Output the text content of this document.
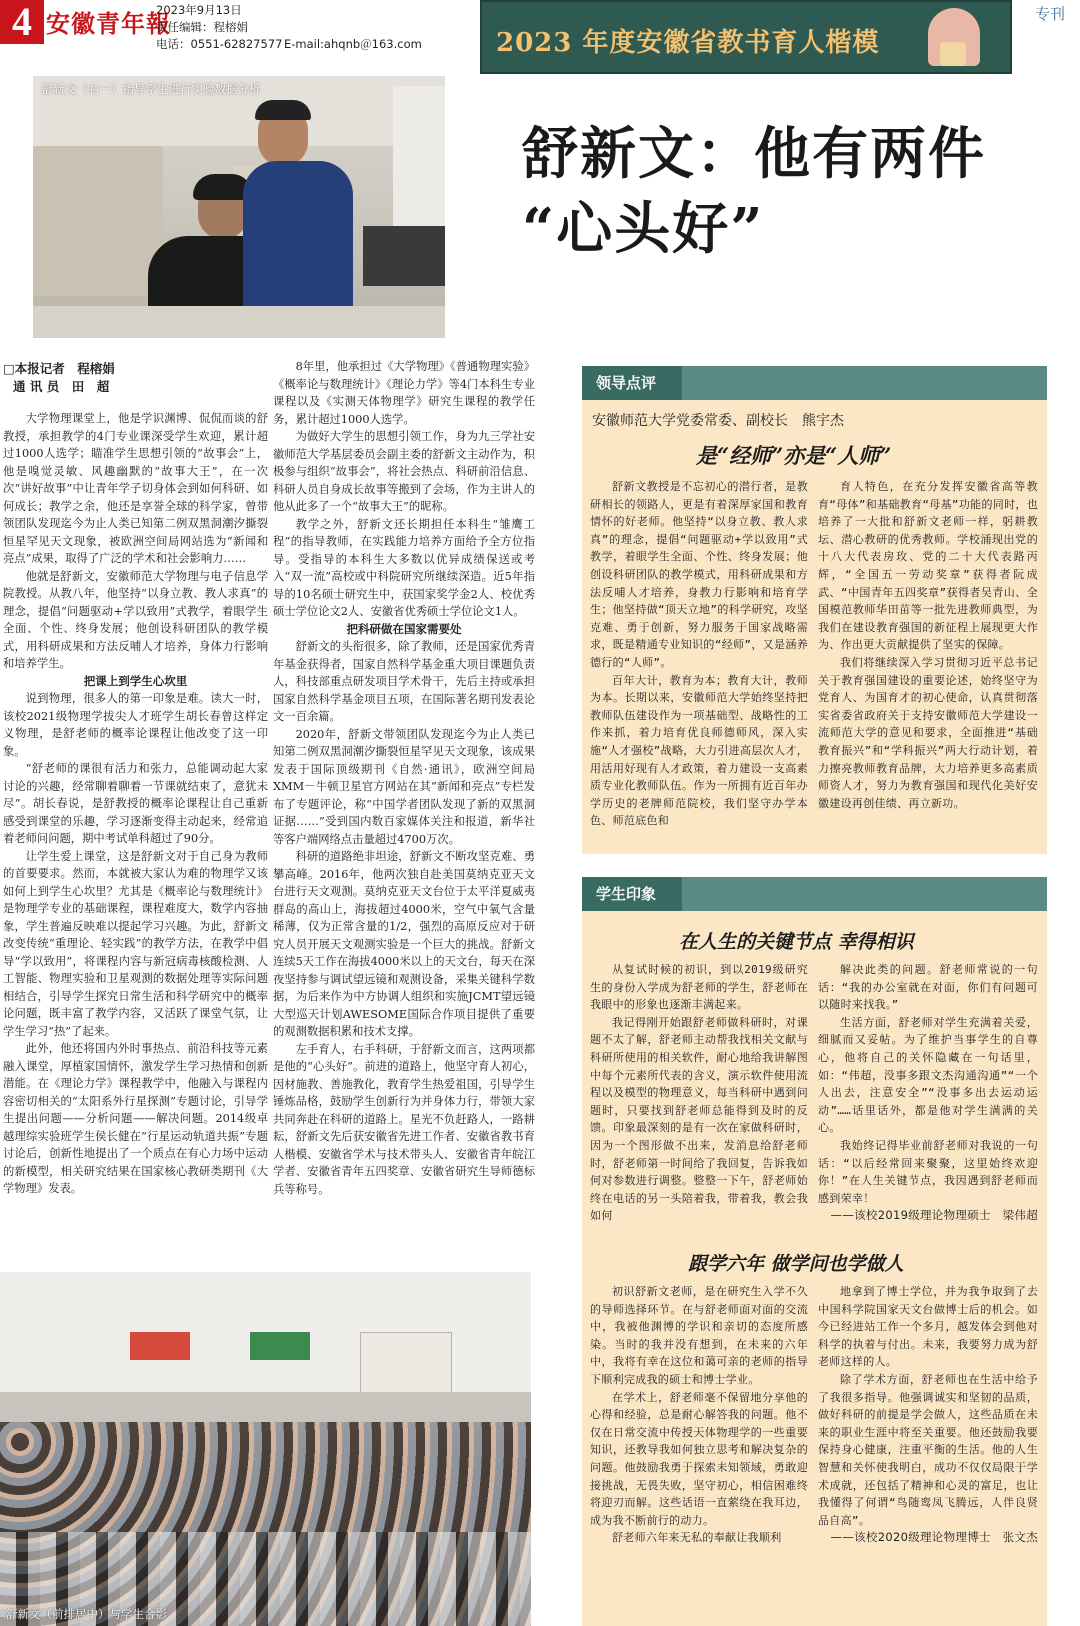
4 安徽青年報
2023年9月13日
责任编辑：程榕娟
电话：0551-62827577 E-mail:ahqnb＠163.com	2023 年度安徽省教书育人楷模
专刊
舒新文（右一）指导学生进行实验数据分析
舒新文：他有两件
“心头好”
□本报记者　程榕娟
通 讯 员　田　超

大学物理课堂上，他是学识渊博、侃侃而谈的舒教授，承担教学的4门专业课深受学生欢迎，累计超过1000人选学；瞄准学生思想引领的“故事会”上，他是嗅觉灵敏、风趣幽默的“故事大王”，在一次次“讲好故事”中让青年学子切身体会到如何科研、如何成长；教学之余，他还是享誉全球的科学家，曾带领团队发现迄今为止人类已知第二例双黑洞潮汐撕裂恒星罕见天文现象，被欧洲空间局网站选为“新闻和亮点”成果，取得了广泛的学术和社会影响力……

他就是舒新文，安徽师范大学物理与电子信息学院教授。从教八年，他坚持“以身立教、教人求真”的理念，提倡“问题驱动+学以致用”式教学，着眼学生全面、个性、终身发展；他创设科研团队的教学模式，用科研成果和方法反哺人才培养，身体力行影响和培养学生。

把课上到学生心坎里

说到物理，很多人的第一印象是难。读大一时，该校2021级物理学拔尖人才班学生胡长春曾这样定义物理，是舒老师的概率论课程让他改变了这一印象。

“舒老师的课很有活力和张力，总能调动起大家讨论的兴趣，经常聊着聊着一节课就结束了，意犹未尽”。胡长春说，是舒教授的概率论课程让自己重新感受到课堂的乐趣，学习逐渐变得主动起来，经常追着老师问问题，期中考试单科超过了90分。

让学生爱上课堂，这是舒新文对于自己身为教师的首要要求。然而，本就被大家认为难的物理学又该如何上到学生心坎里？尤其是《概率论与数理统计》是物理学专业的基础课程，课程难度大，数学内容抽象，学生普遍反映难以提起学习兴趣。为此，舒新文改变传统“重理论、轻实践”的教学方法，在教学中倡导“学以致用”，将课程内容与新冠病毒核酸检测、人工智能、物理实验和卫星观测的数据处理等实际问题相结合，引导学生探究日常生活和科学研究中的概率论问题，既丰富了教学内容，又活跃了课堂气氛，让学生学习“热”了起来。

此外，他还将国内外时事热点、前沿科技等元素融入课堂，厚植家国情怀，激发学生学习热情和创新潜能。在《理论力学》课程教学中，他融入与课程内容密切相关的“太阳系外行星探测”专题讨论，引导学生提出问题——分析问题——解决问题。2014级卓越理综实验班学生侯长健在“行星运动轨道共振”专题讨论后，创新性地提出了一个质点在有心力场中运动的新模型，相关研究结果在国家核心教研类期刊《大学物理》发表。

8年里，他承担过《大学物理》《普通物理实验》《概率论与数理统计》《理论力学》等4门本科生专业课程以及《实测天体物理学》研究生课程的教学任务，累计超过1000人选学。

为做好大学生的思想引领工作，身为九三学社安徽师范大学基层委员会副主委的舒新文主动作为，积极参与组织“故事会”，将社会热点、科研前沿信息、科研人员自身成长故事等搬到了会场，作为主讲人的他从此多了一个“故事大王”的昵称。

教学之外，舒新文还长期担任本科生“雏鹰工程”的指导教师，在实践能力培养方面给予全方位指导。受指导的本科生大多数以优异成绩保送或考入“双一流”高校或中科院研究所继续深造。近5年指导的10名硕士研究生中，获国家奖学金2人、校优秀硕士学位论文2人、安徽省优秀硕士学位论文1人。

把科研做在国家需要处

舒新文的头衔很多，除了教师，还是国家优秀青年基金获得者，国家自然科学基金重大项目课题负责人，科技部重点研发项目学术骨干，先后主持或承担国家自然科学基金项目五项，在国际著名期刊发表论文一百余篇。

2020年，舒新文带领团队发现迄今为止人类已知第二例双黑洞潮汐撕裂恒星罕见天文现象，该成果发表于国际顶级期刊《自然·通讯》，欧洲空间局XMM－牛顿卫星官方网站在其“新闻和亮点”专栏发布了专题评论，称“中国学者团队发现了新的双黑洞证据……”受到国内数百家媒体关注和报道，新华社等客户端网络点击量超过4700万次。

科研的道路绝非坦途，舒新文不断攻坚克难、勇攀高峰。2016年，他两次独自赴美国莫纳克亚天文台进行天文观测。莫纳克亚天文台位于太平洋夏威夷群岛的高山上，海拔超过4000米，空气中氧气含量稀薄，仅为正常含量的1/2，强烈的高原反应对于研究人员开展天文观测实验是一个巨大的挑战。舒新文连续5天工作在海拔4000米以上的天文台，每天在深夜坚持参与调试望远镜和观测设备，采集关键科学数据，为后来作为中方协调人组织和实施JCMT望远镜大型巡天计划AWESOME国际合作项目提供了重要的观测数据积累和技术支撑。

左手育人，右手科研，于舒新文而言，这两项都是他的“心头好”。前进的道路上，他坚守育人初心，因材施教、善施教化，教育学生热爱祖国，引导学生锤炼品格，鼓励学生创新行为并身体力行，带领大家共同奔赴在科研的道路上。星光不负赶路人，一路耕耘，舒新文先后获安徽省先进工作者、安徽省教书育人楷模、安徽省学术与技术带头人、安徽省青年皖江学者、安徽省青年五四奖章、安徽省研究生导师德标兵等称号。

领导点评
安徽师范大学党委常委、副校长　熊宇杰
是“经师”亦是“人师”

舒新文教授是不忘初心的潜行者，是教研相长的领路人，更是有着深厚家国和教育情怀的好老师。他坚持“以身立教、教人求真”的理念，提倡“问题驱动+学以致用”式教学，着眼学生全面、个性、终身发展；他创设科研团队的教学模式，用科研成果和方法反哺人才培养，身教力行影响和培育学生；他坚持做“顶天立地”的科学研究，攻坚克难、勇于创新，努力服务于国家战略需求，既是精通专业知识的“经师”，又是涵养德行的“人师”。

百年大计，教育为本；教育大计，教师为本。长期以来，安徽师范大学始终坚持把教师队伍建设作为一项基础型、战略性的工作来抓，着力培育优良师德师风，深入实施“人才强校”战略，大力引进高层次人才，用活用好现有人才政策，着力建设一支高素质专业化教师队伍。作为一所拥有近百年办学历史的老牌师范院校，我们坚守办学本色、师范底色和

育人特色，在充分发挥安徽省高等教育“母体”和基础教育“母基”功能的同时，也培养了一大批和舒新文老师一样，躬耕教坛、潜心教研的优秀教师。学校涌现出党的十八大代表房玫、党的二十大代表路丙辉，“全国五一劳动奖章”获得者阮成武、“中国青年五四奖章”获得者吴青山、全国模范教师华田苗等一批先进教师典型，为我们在建设教育强国的新征程上展现更大作为、作出更大贡献提供了坚实的保障。

我们将继续深入学习贯彻习近平总书记关于教育强国建设的重要论述，始终坚守为党育人、为国育才的初心使命，认真贯彻落实省委省政府关于支持安徽师范大学建设一流师范大学的意见和要求，全面推进“基础教育振兴”和“学科振兴”两大行动计划，着力擦亮教师教育品牌，大力培养更多高素质师资人才，努力为教育强国和现代化美好安徽建设再创佳绩、再立新功。

学生印象
在人生的关键节点 幸得相识

从复试时候的初识，到以2019级研究生的身份入学成为舒老师的学生，舒老师在我眼中的形象也逐渐丰满起来。

我记得刚开始跟舒老师做科研时，对课题不太了解，舒老师主动帮我找相关文献与科研所使用的相关软件，耐心地给我讲解图中每个元素所代表的含义，演示软件使用流程以及模型的物理意义，每当科研中遇到问题时，只要找到舒老师总能得到及时的反馈。印象最深刻的是有一次在家做科研时，因为一个图形做不出来，发消息给舒老师时，舒老师第一时间给了我回复，告诉我如何对参数进行调整。整整一下午，舒老师始终在电话的另一头陪着我，带着我，教会我如何

解决此类的问题。舒老师常说的一句话：“我的办公室就在对面，你们有问题可以随时来找我。”

生活方面，舒老师对学生充满着关爱，细腻而又妥帖。为了维护当事学生的自尊心，他将自己的关怀隐藏在一句话里，如：“伟超，没事多跟文杰沟通沟通”“一个人出去，注意安全”“没事多出去运动运动”……话里话外，都是他对学生满满的关心。

我始终记得毕业前舒老师对我说的一句话：“以后经常回来聚聚，这里始终欢迎你！”在人生关键节点，我因遇到舒老师而感到荣幸！

——该校2019级理论物理硕士　梁伟超

跟学六年 做学问也学做人

初识舒新文老师，是在研究生入学不久的导师选择环节。在与舒老师面对面的交流中，我被他渊博的学识和亲切的态度所感染。当时的我并没有想到，在未来的六年中，我将有幸在这位和蔼可亲的老师的指导下顺利完成我的硕士和博士学业。

在学术上，舒老师毫不保留地分享他的心得和经验，总是耐心解答我的问题。他不仅在日常交流中传授天体物理学的一些重要知识，还教导我如何独立思考和解决复杂的问题。他鼓励我勇于探索未知领域，勇敢迎接挑战，无畏失败，坚守初心，相信困难终将迎刃而解。这些话语一直萦绕在我耳边，成为我不断前行的动力。

舒老师六年来无私的奉献让我顺利

地拿到了博士学位，并为我争取到了去中国科学院国家天文台做博士后的机会。如今已经进站工作一个多月，越发体会到他对科学的执着与付出。未来，我要努力成为舒老师这样的人。

除了学术方面，舒老师也在生活中给予了我很多指导。他强调诚实和坚韧的品质，做好科研的前提是学会做人，这些品质在未来的职业生涯中将至关重要。他还鼓励我要保持身心健康，注重平衡的生活。他的人生智慧和关怀使我明白，成功不仅仅局限于学术成就，还包括了精神和心灵的富足，也让我懂得了何谓“鸟随鸾凤飞腾远，人伴良贤品自高”。

——该校2020级理论物理博士　张文杰

舒新文（前排居中）与学生合影
